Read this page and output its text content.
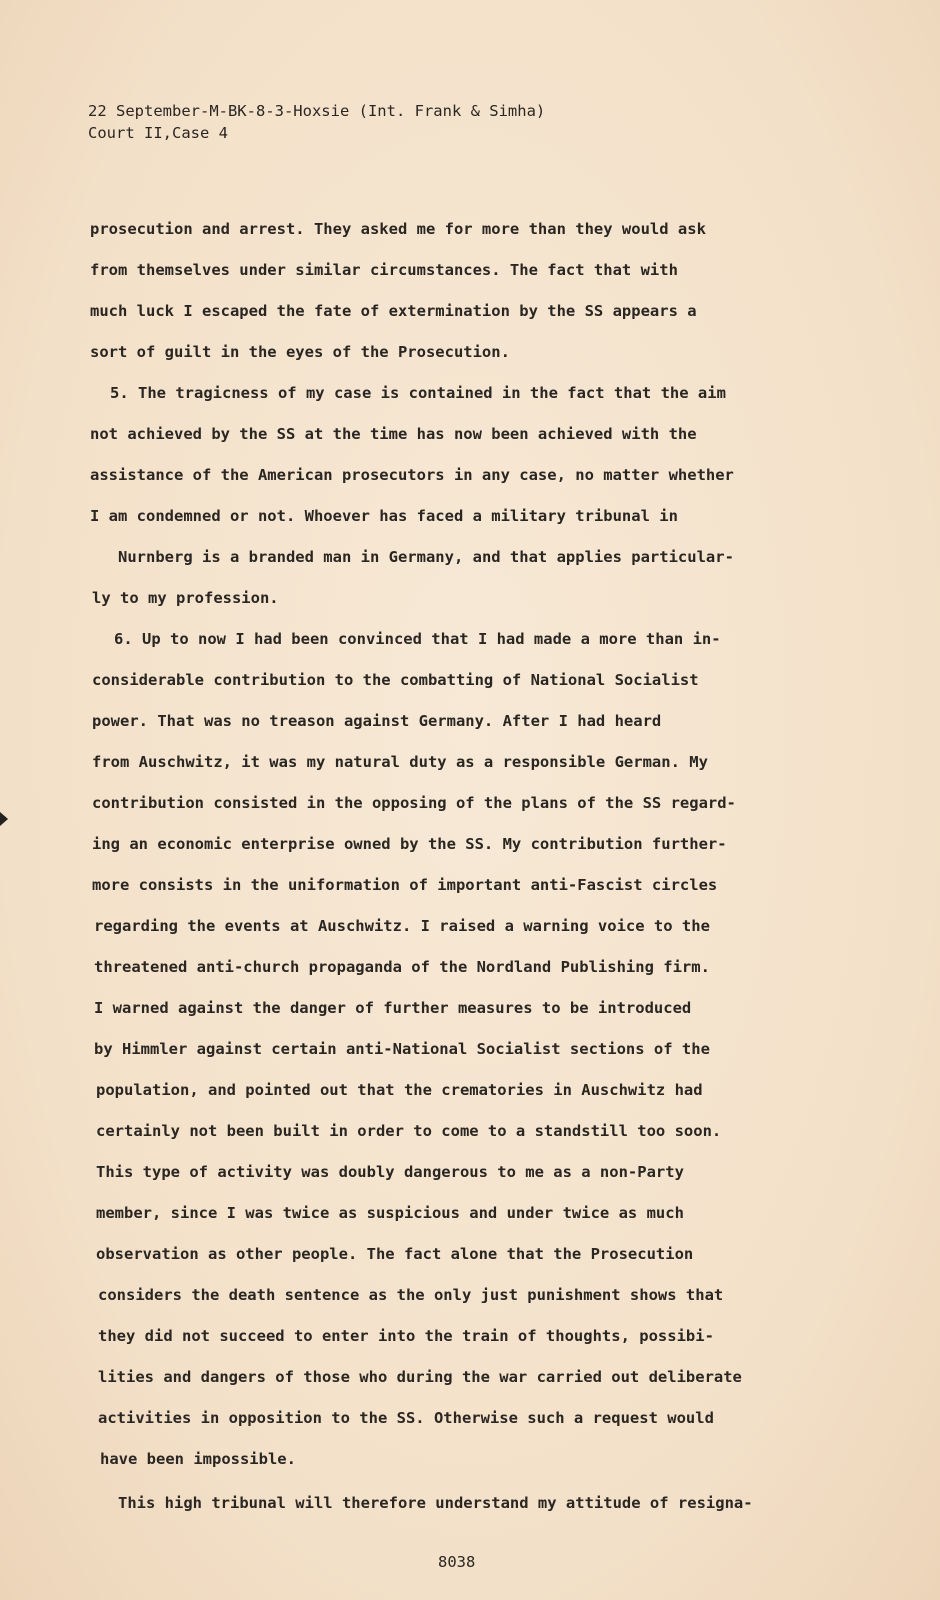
22 September-M-BK-8-3-Hoxsie (Int. Frank & Simha)
Court II,Case 4
prosecution and arrest. They asked me for more than they would ask
from themselves under similar circumstances. The fact that with
much luck I escaped the fate of extermination by the SS appears a
sort of guilt in the eyes of the Prosecution.
5. The tragicness of my case is contained in the fact that the aim
not achieved by the SS at the time has now been achieved with the
assistance of the American prosecutors in any case, no matter whether
I am condemned or not. Whoever has faced a military tribunal in
Nurnberg is a branded man in Germany, and that applies particular-
ly to my profession.
6. Up to now I had been convinced that I had made a more than in-
considerable contribution to the combatting of National Socialist
power. That was no treason against Germany. After I had heard
from Auschwitz, it was my natural duty as a responsible German. My
contribution consisted in the opposing of the plans of the SS regard-
ing an economic enterprise owned by the SS. My contribution further-
more consists in the uniformation of important anti-Fascist circles
regarding the events at Auschwitz. I raised a warning voice to the
threatened anti-church propaganda of the Nordland Publishing firm.
I warned against the danger of further measures to be introduced
by Himmler against certain anti-National Socialist sections of the
population, and pointed out that the crematories in Auschwitz had
certainly not been built in order to come to a standstill too soon.
This type of activity was doubly dangerous to me as a non-Party
member, since I was twice as suspicious and under twice as much
observation as other people. The fact alone that the Prosecution
considers the death sentence as the only just punishment shows that
they did not succeed to enter into the train of thoughts, possibi-
lities and dangers of those who during the war carried out deliberate
activities in opposition to the SS. Otherwise such a request would
have been impossible.
This high tribunal will therefore understand my attitude of resigna-
8038
